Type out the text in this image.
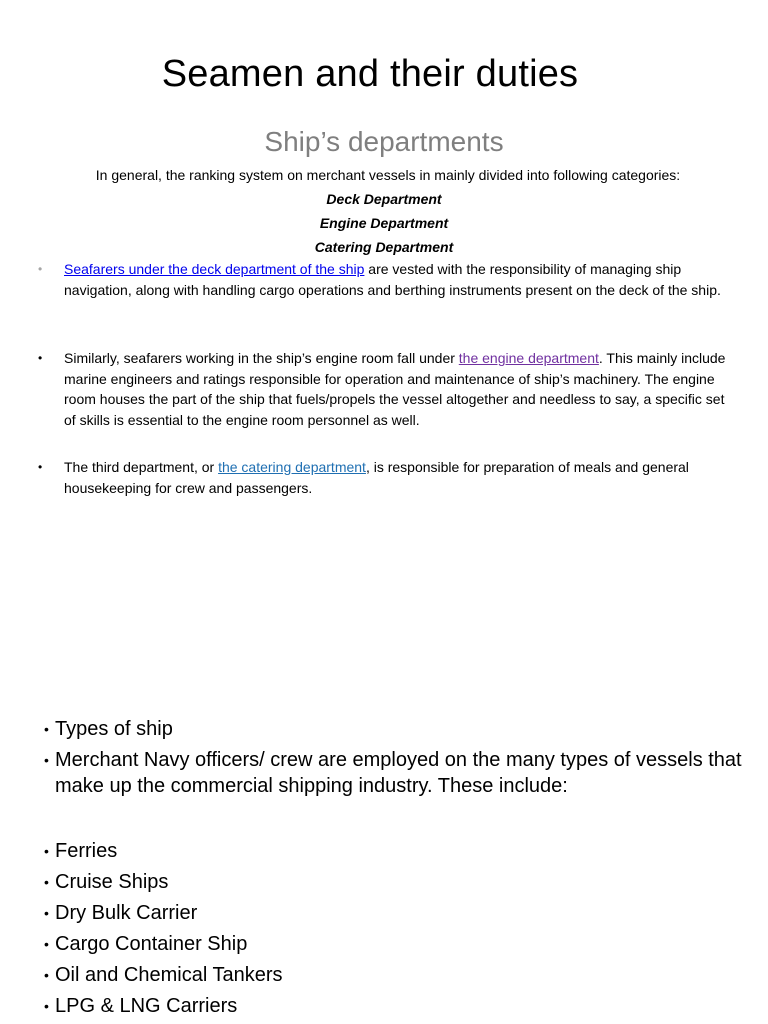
Seamen and their duties
Ship’s departments
In general, the ranking system on merchant vessels in mainly divided into following categories:
Deck Department
Engine Department
Catering Department
•	Seafarers under the deck department of the ship are vested with the responsibility of managing ship navigation, along with handling cargo operations and berthing instruments present on the deck of the ship.
•	Similarly, seafarers working in the ship’s engine room fall under the engine department. This mainly include marine engineers and ratings responsible for operation and maintenance of ship’s machinery. The engine room houses the part of the ship that fuels/propels the vessel altogether and needless to say, a specific set of skills is essential to the engine room personnel as well.
•	The third department, or the catering department, is responsible for preparation of meals and general housekeeping for crew and passengers.
• Types of ship
• Merchant Navy officers/ crew are employed on the many types of vessels that make up the commercial shipping industry. These include:
• Ferries
• Cruise Ships
• Dry Bulk Carrier
• Cargo Container Ship
• Oil and Chemical Tankers
• LPG & LNG Carriers
